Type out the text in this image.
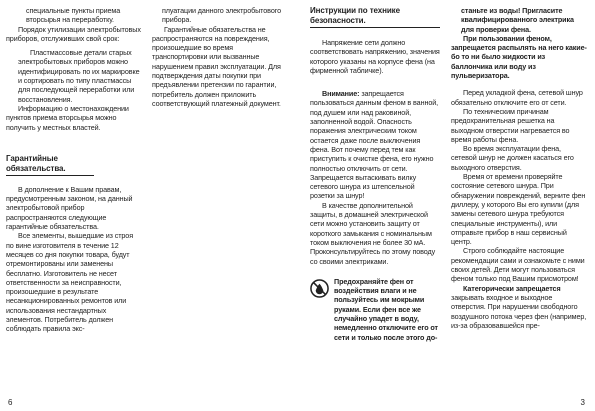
специальные пункты приема

вторсырья на переработку.

Порядок утилизации электробытовых приборов, отслуживших свой срок:

Пластмассовые детали старых электробытовых приборов можно идентифицировать по их маркировке и сортировать по типу пластмассы для последующей переработки или восстановления.

Информацию о местонахождении пунктов приема вторсырья можно получить у местных властей.

Гарантийные обязательства.

В дополнение к Вашим правам, предусмотренным законом, на данный электробытовой прибор распространяются следующие гарантийные обязательства.

Все элементы, вышедшие из строя по вине изготовителя в течение 12 месяцев со дня покупки товара, будут отремонтированы или заменены бесплатно. Изготовитель не несет ответственности за неисправности, произошедшие в результате несанкционированных ремонтов или использования нестандартных элементов. Потребитель должен соблюдать правила экс-

плуатации данного электробытового прибора.

Гарантийные обязательства не распространяются на повреждения, произошедшие во время транспортировки или вызванные нарушением правил эксплуатации. Для подтверждения даты покупки при предъявлении претензии по гарантии, потребитель должен приложить соответствующий платежный документ.

6
Инструкции по технике безопасности.

Напряжение сети должно соответствовать напряжению, значения которого указаны на корпусе фена (на фирменной табличке).

Внимание: запрещается пользоваться данным феном в ванной, под душем или над раковиной, заполненной водой. Опасность поражения электрическим током остается даже после выключения фена. Вот почему перед тем как приступить к очистке фена, его нужно полностью отключить от сети. Запрещается вытаскивать вилку сетевого шнура из штепсельной розетки за шнур!

В качестве дополнительной защиты, в домашней электрической сети можно установить защиту от короткого замыкания с номинальным током выключения не более 30 мА. Проконсультируйтесь по этому поводу со своими электриками.

Предохраняйте фен от воздействия влаги и не пользуйтесь им мокрыми руками. Если фен все же случайно упадет в воду, немедленно отключите его от сети и только после этого до-

станьте из воды! Пригласите квалифицированного электрика для проверки фена.

При пользовании феном, запрещается распылять на него какие-бо то ни было жидкости из баллончика или воду из пульверизатора.

Перед укладкой фена, сетевой шнур обязательно отключите его от сети.

По техническим причинам предохранительная решетка на выходном отверстии нагревается во время работы фена.

Во время эксплуатации фена, сетевой шнур не должен касаться его выходного отверстия.

Время от времени проверяйте состояние сетевого шнура. При обнаружении повреждений, верните фен диллеру, у которого Вы его купили (для замены сетевого шнура требуются специальные инструменты), или отправьте прибор в наш сервисный центр.

Строго соблюдайте настоящие рекомендации сами и ознакомьте с ними своих детей. Дети могут пользоваться феном только под Вашим присмотром!

Категорически запрещается

закрывать входное и выходное отверстия. При нарушении свободного воздушного потока через фен (например, из-за образовавшейся пре-

3
